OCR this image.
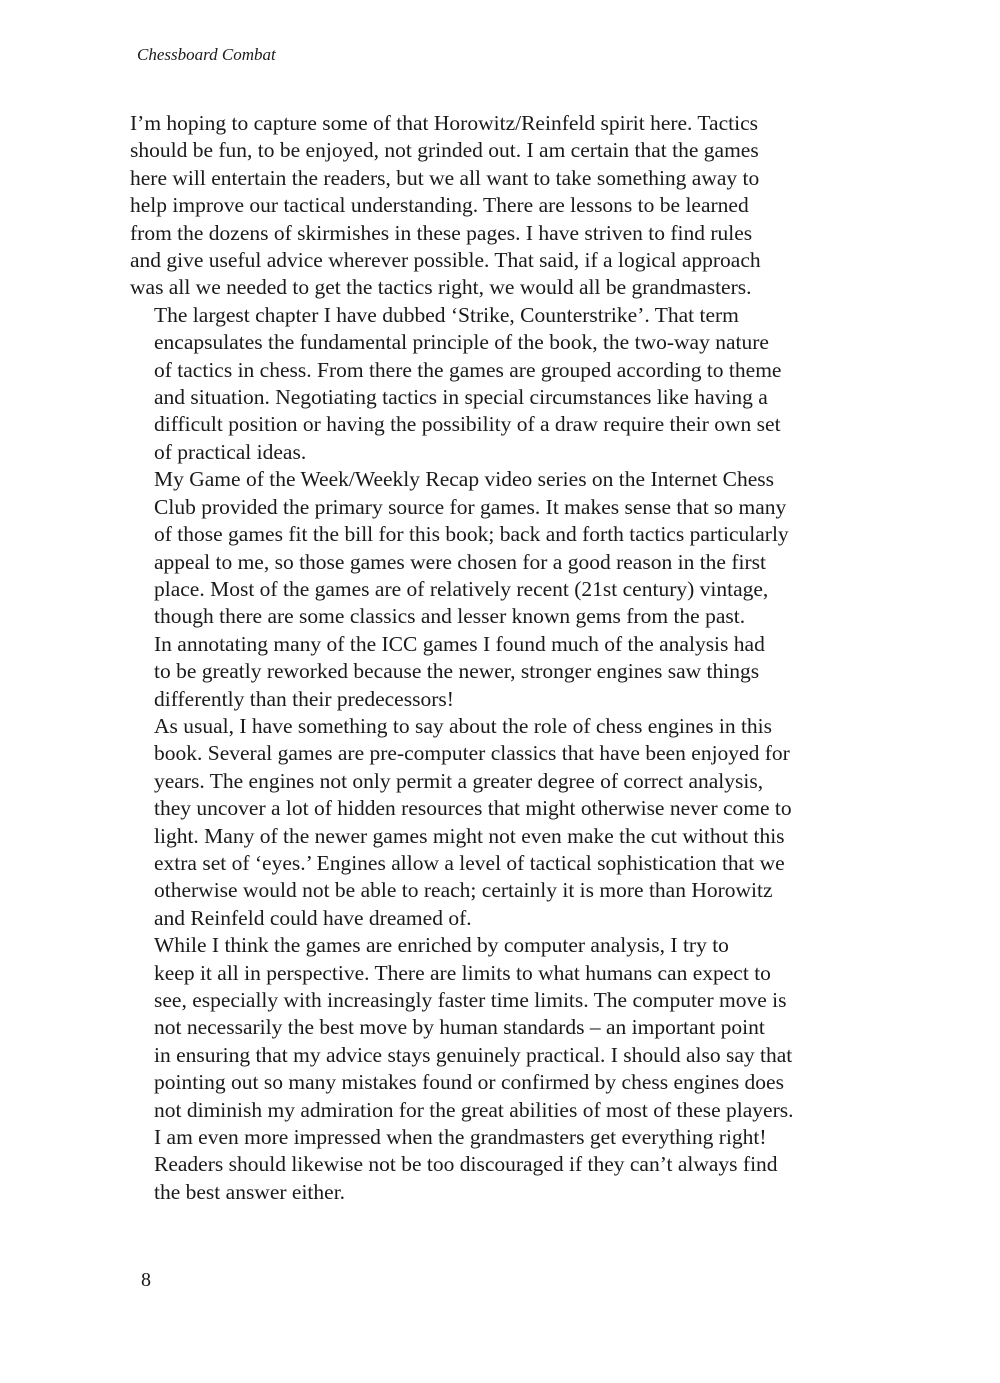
Chessboard Combat

I’m hoping to capture some of that Horowitz/Reinfeld spirit here. Tactics
should be fun, to be enjoyed, not grinded out. I am certain that the games
here will entertain the readers, but we all want to take something away to
help improve our tactical understanding. There are lessons to be learned
from the dozens of skirmishes in these pages. I have striven to find rules
and give useful advice wherever possible. That said, if a logical approach
was all we needed to get the tactics right, we would all be grandmasters.

The largest chapter I have dubbed ‘Strike, Counterstrike’. That term
encapsulates the fundamental principle of the book, the two-way nature
of tactics in chess. From there the games are grouped according to theme
and situation. Negotiating tactics in special circumstances like having a
difficult position or having the possibility of a draw require their own set
of practical ideas.

My Game of the Week/Weekly Recap video series on the Internet Chess
Club provided the primary source for games. It makes sense that so many
of those games fit the bill for this book; back and forth tactics particularly
appeal to me, so those games were chosen for a good reason in the first
place. Most of the games are of relatively recent (21st century) vintage,
though there are some classics and lesser known gems from the past.

In annotating many of the ICC games I found much of the analysis had
to be greatly reworked because the newer, stronger engines saw things
differently than their predecessors!

As usual, I have something to say about the role of chess engines in this
book. Several games are pre-computer classics that have been enjoyed for
years. The engines not only permit a greater degree of correct analysis,
they uncover a lot of hidden resources that might otherwise never come to
light. Many of the newer games might not even make the cut without this
extra set of ‘eyes.’ Engines allow a level of tactical sophistication that we
otherwise would not be able to reach; certainly it is more than Horowitz
and Reinfeld could have dreamed of.

While I think the games are enriched by computer analysis, I try to
keep it all in perspective. There are limits to what humans can expect to
see, especially with increasingly faster time limits. The computer move is
not necessarily the best move by human standards – an important point
in ensuring that my advice stays genuinely practical. I should also say that
pointing out so many mistakes found or confirmed by chess engines does
not diminish my admiration for the great abilities of most of these players.
I am even more impressed when the grandmasters get everything right!
Readers should likewise not be too discouraged if they can’t always find
the best answer either.

8
